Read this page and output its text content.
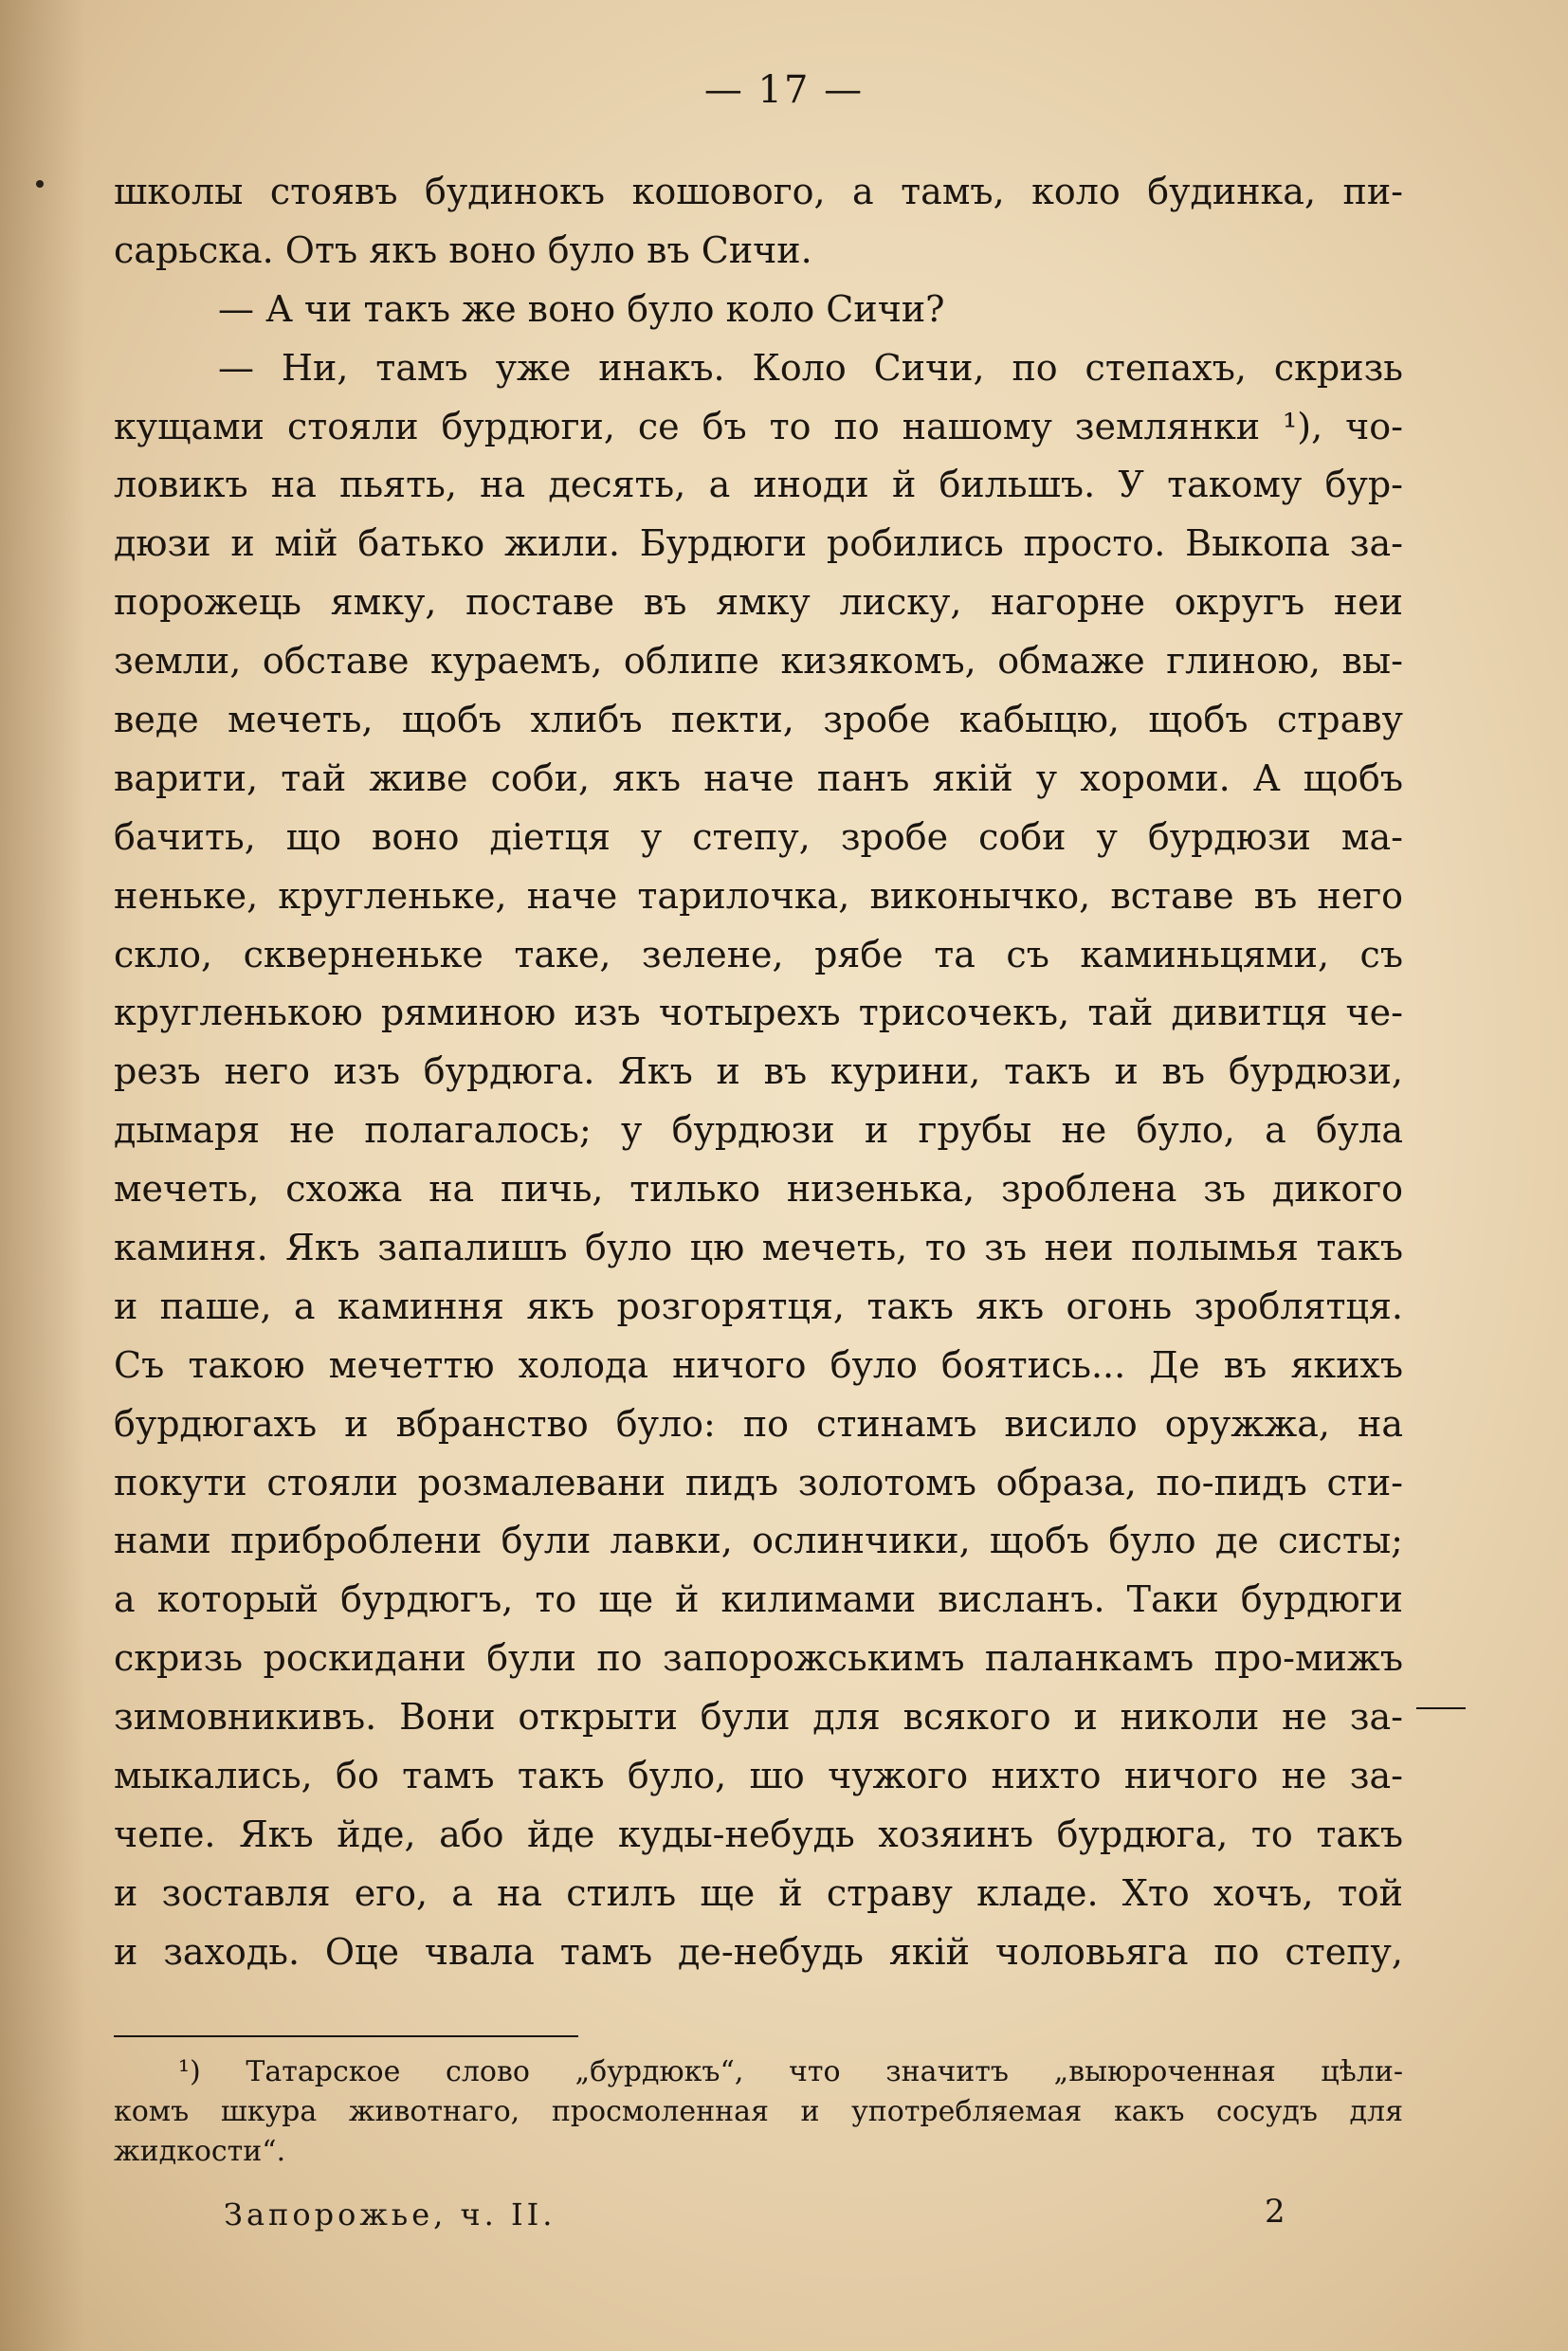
— 17 —
школы стоявъ будинокъ кошового, а тамъ, коло будинка, пи-
сарьска. Отъ якъ воно було въ Сичи.
— А чи такъ же воно було коло Сичи?
— Ни, тамъ уже инакъ. Коло Сичи, по степахъ, скризь
кущами стояли бурдюги, се бъ то по нашому землянки ¹), чо-
ловикъ на пьять, на десять, а иноди й бильшъ. У такому бур-
дюзи и мій батько жили. Бурдюги робились просто. Выкопа за-
порожець ямку, поставе въ ямку лиску, нагорне округъ неи
земли, обставе кураемъ, облипе кизякомъ, обмаже глиною, вы-
веде мечеть, щобъ хлибъ пекти, зробе кабыцю, щобъ страву
варити, тай живе соби, якъ наче панъ якій у хороми. А щобъ
бачить, що воно діетця у степу, зробе соби у бурдюзи ма-
неньке, кругленьке, наче тарилочка, виконычко, вставе въ него
скло, скверненьке таке, зелене, рябе та съ каминьцями, съ
кругленькою ряминою изъ чотырехъ трисочекъ, тай дивитця че-
резъ него изъ бурдюга. Якъ и въ курини, такъ и въ бурдюзи,
дымаря не полагалось; у бурдюзи и грубы не було, а була
мечеть, схожа на пичь, тилько низенька, зроблена зъ дикого
каминя. Якъ запалишъ було цю мечеть, то зъ неи полымья такъ
и паше, а каминня якъ розгорятця, такъ якъ огонь зроблятця.
Съ такою мечеттю холода ничого було боятись... Де въ якихъ
бурдюгахъ и вбранство було: по стинамъ висило оружжа, на
покути стояли розмалевани пидъ золотомъ образа, по-пидъ сти-
нами приброблени були лавки, ослинчики, щобъ було де систы;
а который бурдюгъ, то ще й килимами висланъ. Таки бурдюги
скризь роскидани були по запорожськимъ паланкамъ про-мижъ
зимовникивъ. Вони открыти були для всякого и николи не за-
мыкались, бо тамъ такъ було, шо чужого нихто ничого не за-
чепе. Якъ йде, або йде куды-небудь хозяинъ бурдюга, то такъ
и зоставля его, а на стилъ ще й страву кладе. Хто хочъ, той
и заходь. Оце чвала тамъ де-небудь якій чоловьяга по степу,
¹) Татарское слово „бурдюкъ“, что значитъ „выюроченная цѣли-
комъ шкура животнаго, просмоленная и употребляемая какъ сосудъ для
жидкости“.
Запорожье, ч. II.	2
